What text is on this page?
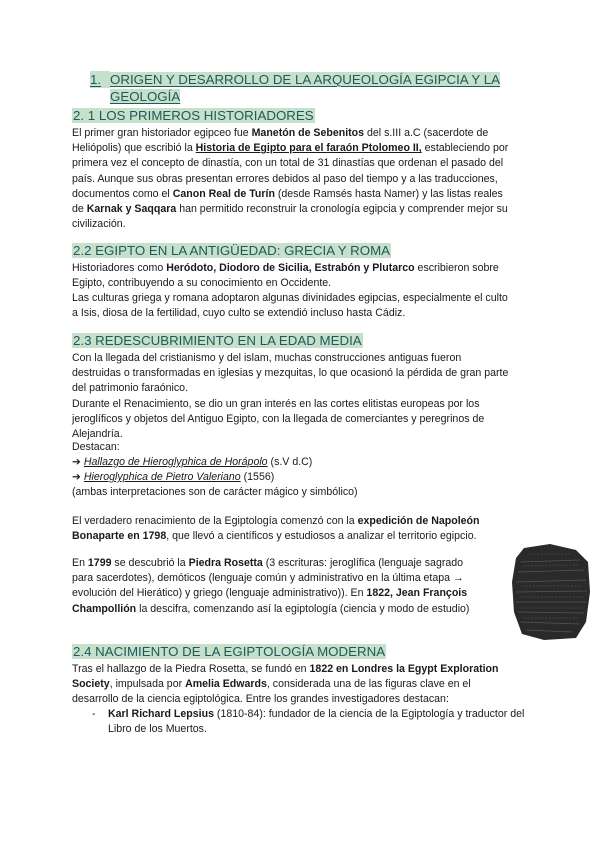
1. ORIGEN Y DESARROLLO DE LA ARQUEOLOGÍA EGIPCIA Y LA GEOLOGÍA
2. 1 LOS PRIMEROS HISTORIADORES

El primer gran historiador egipceo fue Manetón de Sebenitos del s.III a.C (sacerdote de Heliópolis) que escribió la Historia de Egipto para el faraón Ptolomeo II, estableciendo por primera vez el concepto de dinastía, con un total de 31 dinastías que ordenan el pasado del país. Aunque sus obras presentan errores debidos al paso del tiempo y a las traducciones, documentos como el Canon Real de Turín (desde Ramsés hasta Namer) y las listas reales de Karnak y Saqqara han permitido reconstruir la cronología egipcia y comprender mejor su civilización.

2.2 EGIPTO EN LA ANTIGÜEDAD: GRECIA Y ROMA

Historiadores como Heródoto, Diodoro de Sicilia, Estrabón y Plutarco escribieron sobre Egipto, contribuyendo a su conocimiento en Occidente.

Las culturas griega y romana adoptaron algunas divinidades egipcias, especialmente el culto a Isis, diosa de la fertilidad, cuyo culto se extendió incluso hasta Cádiz.

2.3 REDESCUBRIMIENTO EN LA EDAD MEDIA

Con la llegada del cristianismo y del islam, muchas construcciones antiguas fueron destruidas o transformadas en iglesias y mezquitas, lo que ocasionó la pérdida de gran parte del patrimonio faraónico.

Durante el Renacimiento, se dio un gran interés en las cortes elitistas europeas por los jeroglíficos y objetos del Antiguo Egipto, con la llegada de comerciantes y peregrinos de Alejandría.

Destacan:

➔ Hallazgo de Hieroglyphica de Horápolo (s.V d.C)

➔ Hieroglyphica de Pietro Valeriano (1556)

(ambas interpretaciones son de carácter mágico y simbólico)

El verdadero renacimiento de la Egiptología comenzó con la expedición de Napoleón Bonaparte en 1798, que llevó a científicos y estudiosos a analizar el territorio egipcio.

En 1799 se descubrió la Piedra Rosetta (3 escrituras: jeroglífica (lenguaje sagrado para sacerdotes), demóticos (lenguaje común y administrativo en la última etapa → evolución del Hierático) y griego (lenguaje administrativo)). En 1822, Jean François Champollión la descifra, comenzando así la egiptología (ciencia y modo de estudio)

2.4 NACIMIENTO DE LA EGIPTOLOGÍA MODERNA

Tras el hallazgo de la Piedra Rosetta, se fundó en 1822 en Londres la Egypt Exploration Society, impulsada por Amelia Edwards, considerada una de las figuras clave en el desarrollo de la ciencia egiptológica. Entre los grandes investigadores destacan:

- Karl Richard Lepsius (1810-84): fundador de la ciencia de la Egiptología y traductor del Libro de los Muertos.
